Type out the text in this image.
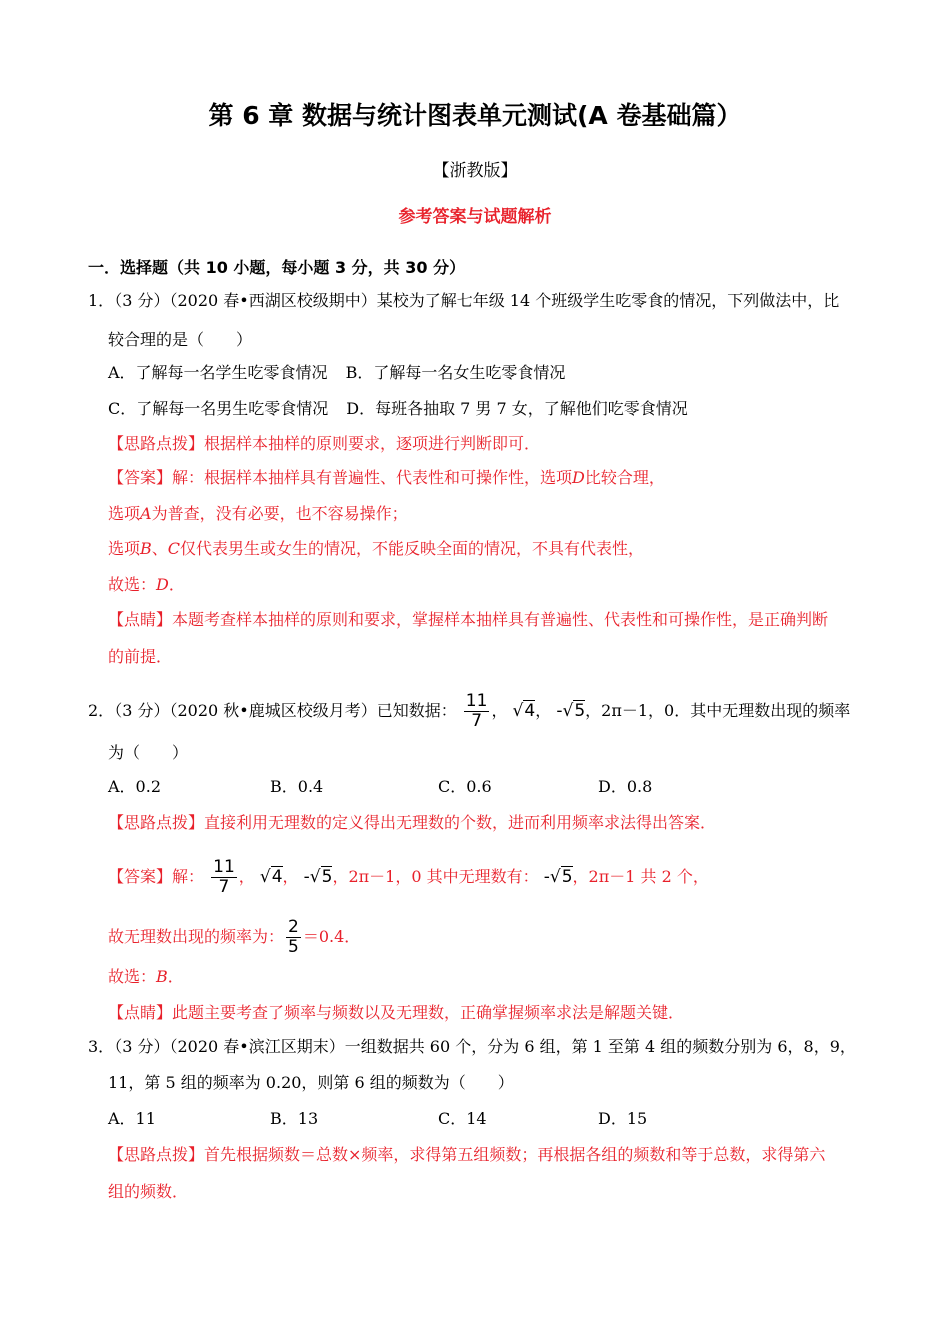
第 6 章 数据与统计图表单元测试(A 卷基础篇）
【浙教版】
参考答案与试题解析
一．选择题（共 10 小题，每小题 3 分，共 30 分）
1．（3 分）（2020 春•西湖区校级期中）某校为了解七年级 14 个班级学生吃零食的情况，下列做法中，比
较合理的是（　　）
A．了解每一名学生吃零食情况 B．了解每一名女生吃零食情况
C．了解每一名男生吃零食情况 D．每班各抽取 7 男 7 女，了解他们吃零食情况
【思路点拨】根据样本抽样的原则要求，逐项进行判断即可．
【答案】解：根据样本抽样具有普遍性、代表性和可操作性，选项D比较合理，
选项A为普查，没有必要，也不容易操作；
选项B、C仅代表男生或女生的情况，不能反映全面的情况，不具有代表性，
故选：D．
【点睛】本题考查样本抽样的原则和要求，掌握样本抽样具有普遍性、代表性和可操作性，是正确判断
的前提．
2．（3 分）（2020 秋•鹿城区校级月考）已知数据： $\frac{11}{7}$ ， √4， -√5，2π－1，0．其中无理数出现的频率
为（　　）
A．0.2	B．0.4	C．0.6	D．0.8
【思路点拨】直接利用无理数的定义得出无理数的个数，进而利用频率求法得出答案．
【答案】解： $\frac{11}{7}$ ， √4， -√5，2π－1，0 其中无理数有： -√5，2π－1 共 2 个，
故无理数出现的频率为： $\frac{2}{5} =0.4$．
故选：B．
【点睛】此题主要考查了频率与频数以及无理数，正确掌握频率求法是解题关键．
3．（3 分）（2020 春•滨江区期末）一组数据共 60 个，分为 6 组，第 1 至第 4 组的频数分别为 6，8，9，
11，第 5 组的频率为 0.20，则第 6 组的频数为（　　）
A．11	B．13	C．14	D．15
【思路点拨】首先根据频数＝总数×频率，求得第五组频数；再根据各组的频数和等于总数，求得第六
组的频数．
